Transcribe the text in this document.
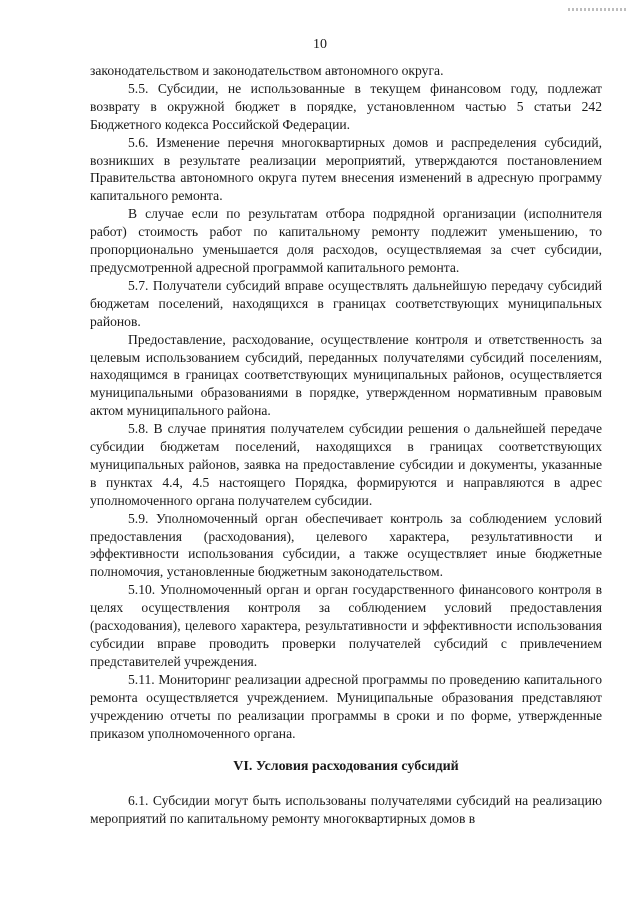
10

законодательством и законодательством автономного округа.

5.5. Субсидии, не использованные в текущем финансовом году, подлежат возврату в окружной бюджет в порядке, установленном частью 5 статьи 242 Бюджетного кодекса Российской Федерации.

5.6. Изменение перечня многоквартирных домов и распределения субсидий, возникших в результате реализации мероприятий, утверждаются постановлением Правительства автономного округа путем внесения изменений в адресную программу капитального ремонта.

В случае если по результатам отбора подрядной организации (исполнителя работ) стоимость работ по капитальному ремонту подлежит уменьшению, то пропорционально уменьшается доля расходов, осуществляемая за счет субсидии, предусмотренной адресной программой капитального ремонта.

5.7. Получатели субсидий вправе осуществлять дальнейшую передачу субсидий бюджетам поселений, находящихся в границах соответствующих муниципальных районов.

Предоставление, расходование, осуществление контроля и ответственность за целевым использованием субсидий, переданных получателями субсидий поселениям, находящимся в границах соответствующих муниципальных районов, осуществляется муниципальными образованиями в порядке, утвержденном нормативным правовым актом муниципального района.

5.8. В случае принятия получателем субсидии решения о дальнейшей передаче субсидии бюджетам поселений, находящихся в границах соответствующих муниципальных районов, заявка на предоставление субсидии и документы, указанные в пунктах 4.4, 4.5 настоящего Порядка, формируются и направляются в адрес уполномоченного органа получателем субсидии.

5.9. Уполномоченный орган обеспечивает контроль за соблюдением условий предоставления (расходования), целевого характера, результативности и эффективности использования субсидии, а также осуществляет иные бюджетные полномочия, установленные бюджетным законодательством.

5.10. Уполномоченный орган и орган государственного финансового контроля в целях осуществления контроля за соблюдением условий предоставления (расходования), целевого характера, результативности и эффективности использования субсидии вправе проводить проверки получателей субсидий с привлечением представителей учреждения.

5.11. Мониторинг реализации адресной программы по проведению капитального ремонта осуществляется учреждением. Муниципальные образования представляют учреждению отчеты по реализации программы в сроки и по форме, утвержденные приказом уполномоченного органа.

VI. Условия расходования субсидий

6.1. Субсидии могут быть использованы получателями субсидий на реализацию мероприятий по капитальному ремонту многоквартирных домов в
